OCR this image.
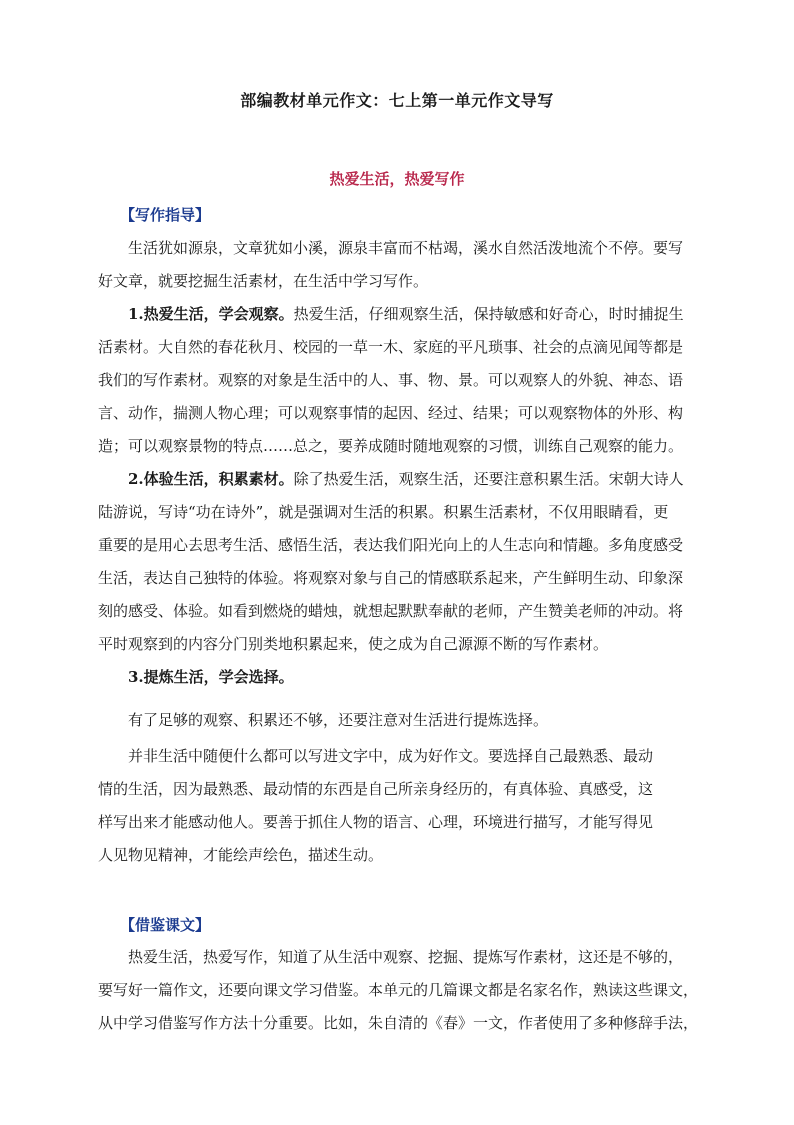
部编教材单元作文：七上第一单元作文导写
热爱生活，热爱写作
【写作指导】
生活犹如源泉，文章犹如小溪，源泉丰富而不枯竭，溪水自然活泼地流个不停。要写
好文章，就要挖掘生活素材，在生活中学习写作。
1.热爱生活，学会观察。热爱生活，仔细观察生活，保持敏感和好奇心，时时捕捉生
活素材。大自然的春花秋月、校园的一草一木、家庭的平凡琐事、社会的点滴见闻等都是
我们的写作素材。观察的对象是生活中的人、事、物、景。可以观察人的外貌、神态、语
言、动作，揣测人物心理；可以观察事情的起因、经过、结果；可以观察物体的外形、构
造；可以观察景物的特点……总之，要养成随时随地观察的习惯，训练自己观察的能力。
2.体验生活，积累素材。除了热爱生活，观察生活，还要注意积累生活。宋朝大诗人
陆游说，写诗“功在诗外”，就是强调对生活的积累。积累生活素材，不仅用眼睛看，更
重要的是用心去思考生活、感悟生活，表达我们阳光向上的人生志向和情趣。多角度感受
生活，表达自己独特的体验。将观察对象与自己的情感联系起来，产生鲜明生动、印象深
刻的感受、体验。如看到燃烧的蜡烛，就想起默默奉献的老师，产生赞美老师的冲动。将
平时观察到的内容分门别类地积累起来，使之成为自己源源不断的写作素材。
3.提炼生活，学会选择。
有了足够的观察、积累还不够，还要注意对生活进行提炼选择。
并非生活中随便什么都可以写进文字中，成为好作文。要选择自己最熟悉、最动
情的生活，因为最熟悉、最动情的东西是自己所亲身经历的，有真体验、真感受，这
样写出来才能感动他人。要善于抓住人物的语言、心理，环境进行描写，才能写得见
人见物见精神，才能绘声绘色，描述生动。
【借鉴课文】
热爱生活，热爱写作，知道了从生活中观察、挖掘、提炼写作素材，这还是不够的，
要写好一篇作文，还要向课文学习借鉴。本单元的几篇课文都是名家名作，熟读这些课文，
从中学习借鉴写作方法十分重要。比如，朱自清的《春》一文，作者使用了多种修辞手法，
